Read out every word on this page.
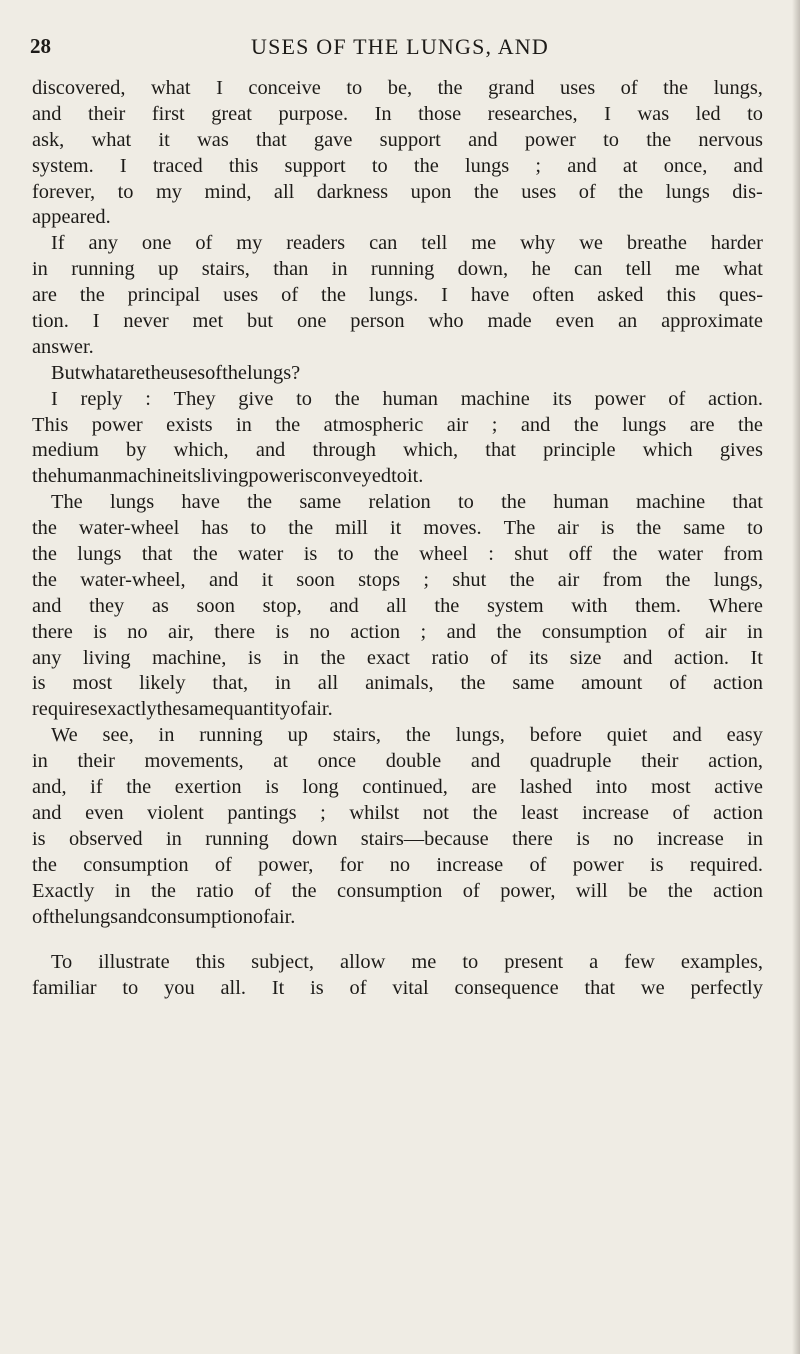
28	USES OF THE LUNGS, AND
discovered, what I conceive to be, the grand uses of the lungs,
and their first great purpose. In those researches, I was led to
ask, what it was that gave support and power to the nervous
system. I traced this support to the lungs ; and at once, and
forever, to my mind, all darkness upon the uses of the lungs dis-
appeared.
If any one of my readers can tell me why we breathe harder
in running up stairs, than in running down, he can tell me what
are the principal uses of the lungs. I have often asked this ques-
tion. I never met but one person who made even an approximate
answer.
But what are the uses of the lungs ?
I reply : They give to the human machine its power of action.
This power exists in the atmospheric air ; and the lungs are the
medium by which, and through which, that principle which gives
the human machine its living power is conveyed to it.
The lungs have the same relation to the human machine that
the water-wheel has to the mill it moves. The air is the same to
the lungs that the water is to the wheel : shut off the water from
the water-wheel, and it soon stops ; shut the air from the lungs,
and they as soon stop, and all the system with them. Where
there is no air, there is no action ; and the consumption of air in
any living machine, is in the exact ratio of its size and action. It
is most likely that, in all animals, the same amount of action
requires exactly the same quantity of air.
We see, in running up stairs, the lungs, before quiet and easy
in their movements, at once double and quadruple their action,
and, if the exertion is long continued, are lashed into most active
and even violent pantings ; whilst not the least increase of action
is observed in running down stairs—because there is no increase in
the consumption of power, for no increase of power is required.
Exactly in the ratio of the consumption of power, will be the action
of the lungs and consumption of air.
To illustrate this subject, allow me to present a few examples,
familiar to you all. It is of vital consequence that we perfectly
